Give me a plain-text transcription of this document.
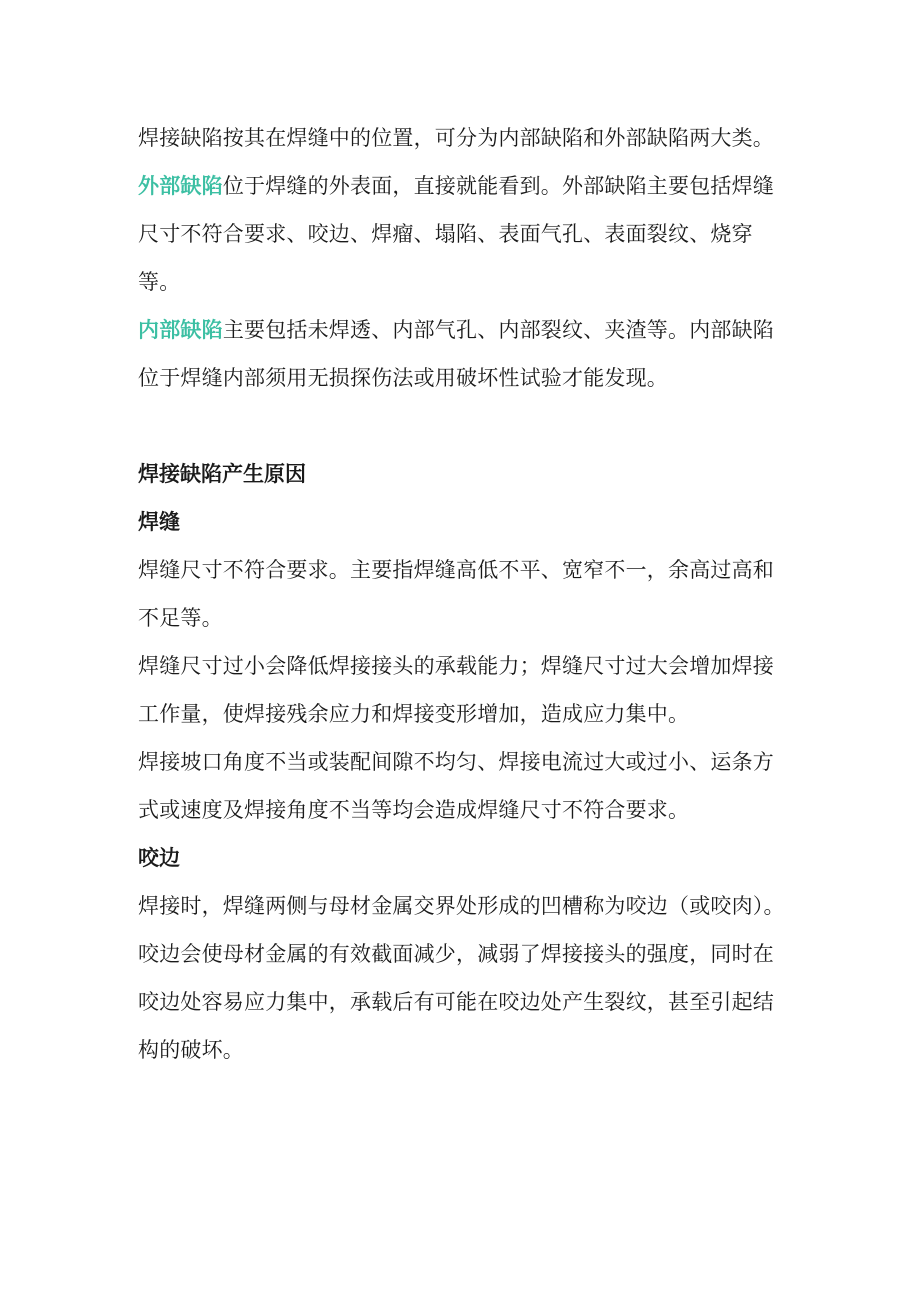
焊接缺陷按其在焊缝中的位置，可分为内部缺陷和外部缺陷两大类。

外部缺陷位于焊缝的外表面，直接就能看到。外部缺陷主要包括焊缝尺寸不符合要求、咬边、焊瘤、塌陷、表面气孔、表面裂纹、烧穿等。

内部缺陷主要包括未焊透、内部气孔、内部裂纹、夹渣等。内部缺陷位于焊缝内部须用无损探伤法或用破坏性试验才能发现。

焊接缺陷产生原因
焊缝

焊缝尺寸不符合要求。主要指焊缝高低不平、宽窄不一，余高过高和不足等。

焊缝尺寸过小会降低焊接接头的承载能力；焊缝尺寸过大会增加焊接工作量，使焊接残余应力和焊接变形增加，造成应力集中。

焊接坡口角度不当或装配间隙不均匀、焊接电流过大或过小、运条方式或速度及焊接角度不当等均会造成焊缝尺寸不符合要求。

咬边

焊接时，焊缝两侧与母材金属交界处形成的凹槽称为咬边（或咬肉）。咬边会使母材金属的有效截面减少，减弱了焊接接头的强度，同时在咬边处容易应力集中，承载后有可能在咬边处产生裂纹，甚至引起结构的破坏。
